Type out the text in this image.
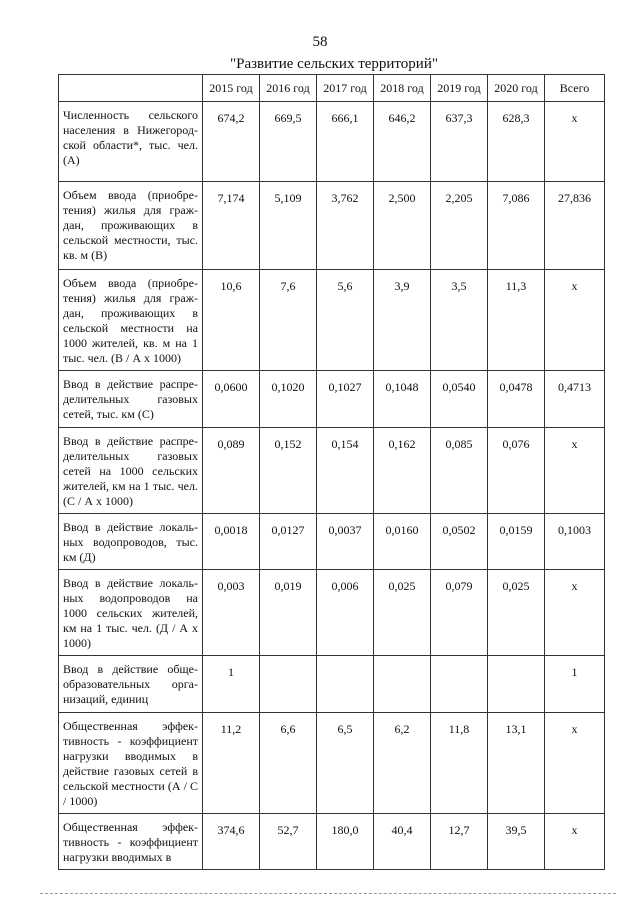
58
"Развитие сельских территорий"
	2015 год	2016 год	2017 год	2018 год	2019 год	2020 год	Всего
Численность сельского населения в Нижегород-ской области*, тыс. чел. (А)	674,2	669,5	666,1	646,2	637,3	628,3	x
Объем ввода (приобре-тения) жилья для граж-дан, проживающих в сельской местности, тыс. кв. м (В)	7,174	5,109	3,762	2,500	2,205	7,086	27,836
Объем ввода (приобре-тения) жилья для граж-дан, проживающих в сельской местности на 1000 жителей, кв. м на 1 тыс. чел. (В / А х 1000)	10,6	7,6	5,6	3,9	3,5	11,3	x
Ввод в действие распре-делительных газовых сетей, тыс. км (С)	0,0600	0,1020	0,1027	0,1048	0,0540	0,0478	0,4713
Ввод в действие распре-делительных газовых сетей на 1000 сельских жителей, км на 1 тыс. чел. (С / А х 1000)	0,089	0,152	0,154	0,162	0,085	0,076	x
Ввод в действие локаль-ных водопроводов, тыс. км (Д)	0,0018	0,0127	0,0037	0,0160	0,0502	0,0159	0,1003
Ввод в действие локаль-ных водопроводов на 1000 сельских жителей, км на 1 тыс. чел. (Д / А х 1000)	0,003	0,019	0,006	0,025	0,079	0,025	x
Ввод в действие обще-образовательных орга-низаций, единиц	1						1
Общественная эффек-тивность - коэффициент нагрузки вводимых в действие газовых сетей в сельской местности (А / С / 1000)	11,2	6,6	6,5	6,2	11,8	13,1	x
Общественная эффек-тивность - коэффициент нагрузки вводимых в	374,6	52,7	180,0	40,4	12,7	39,5	x
